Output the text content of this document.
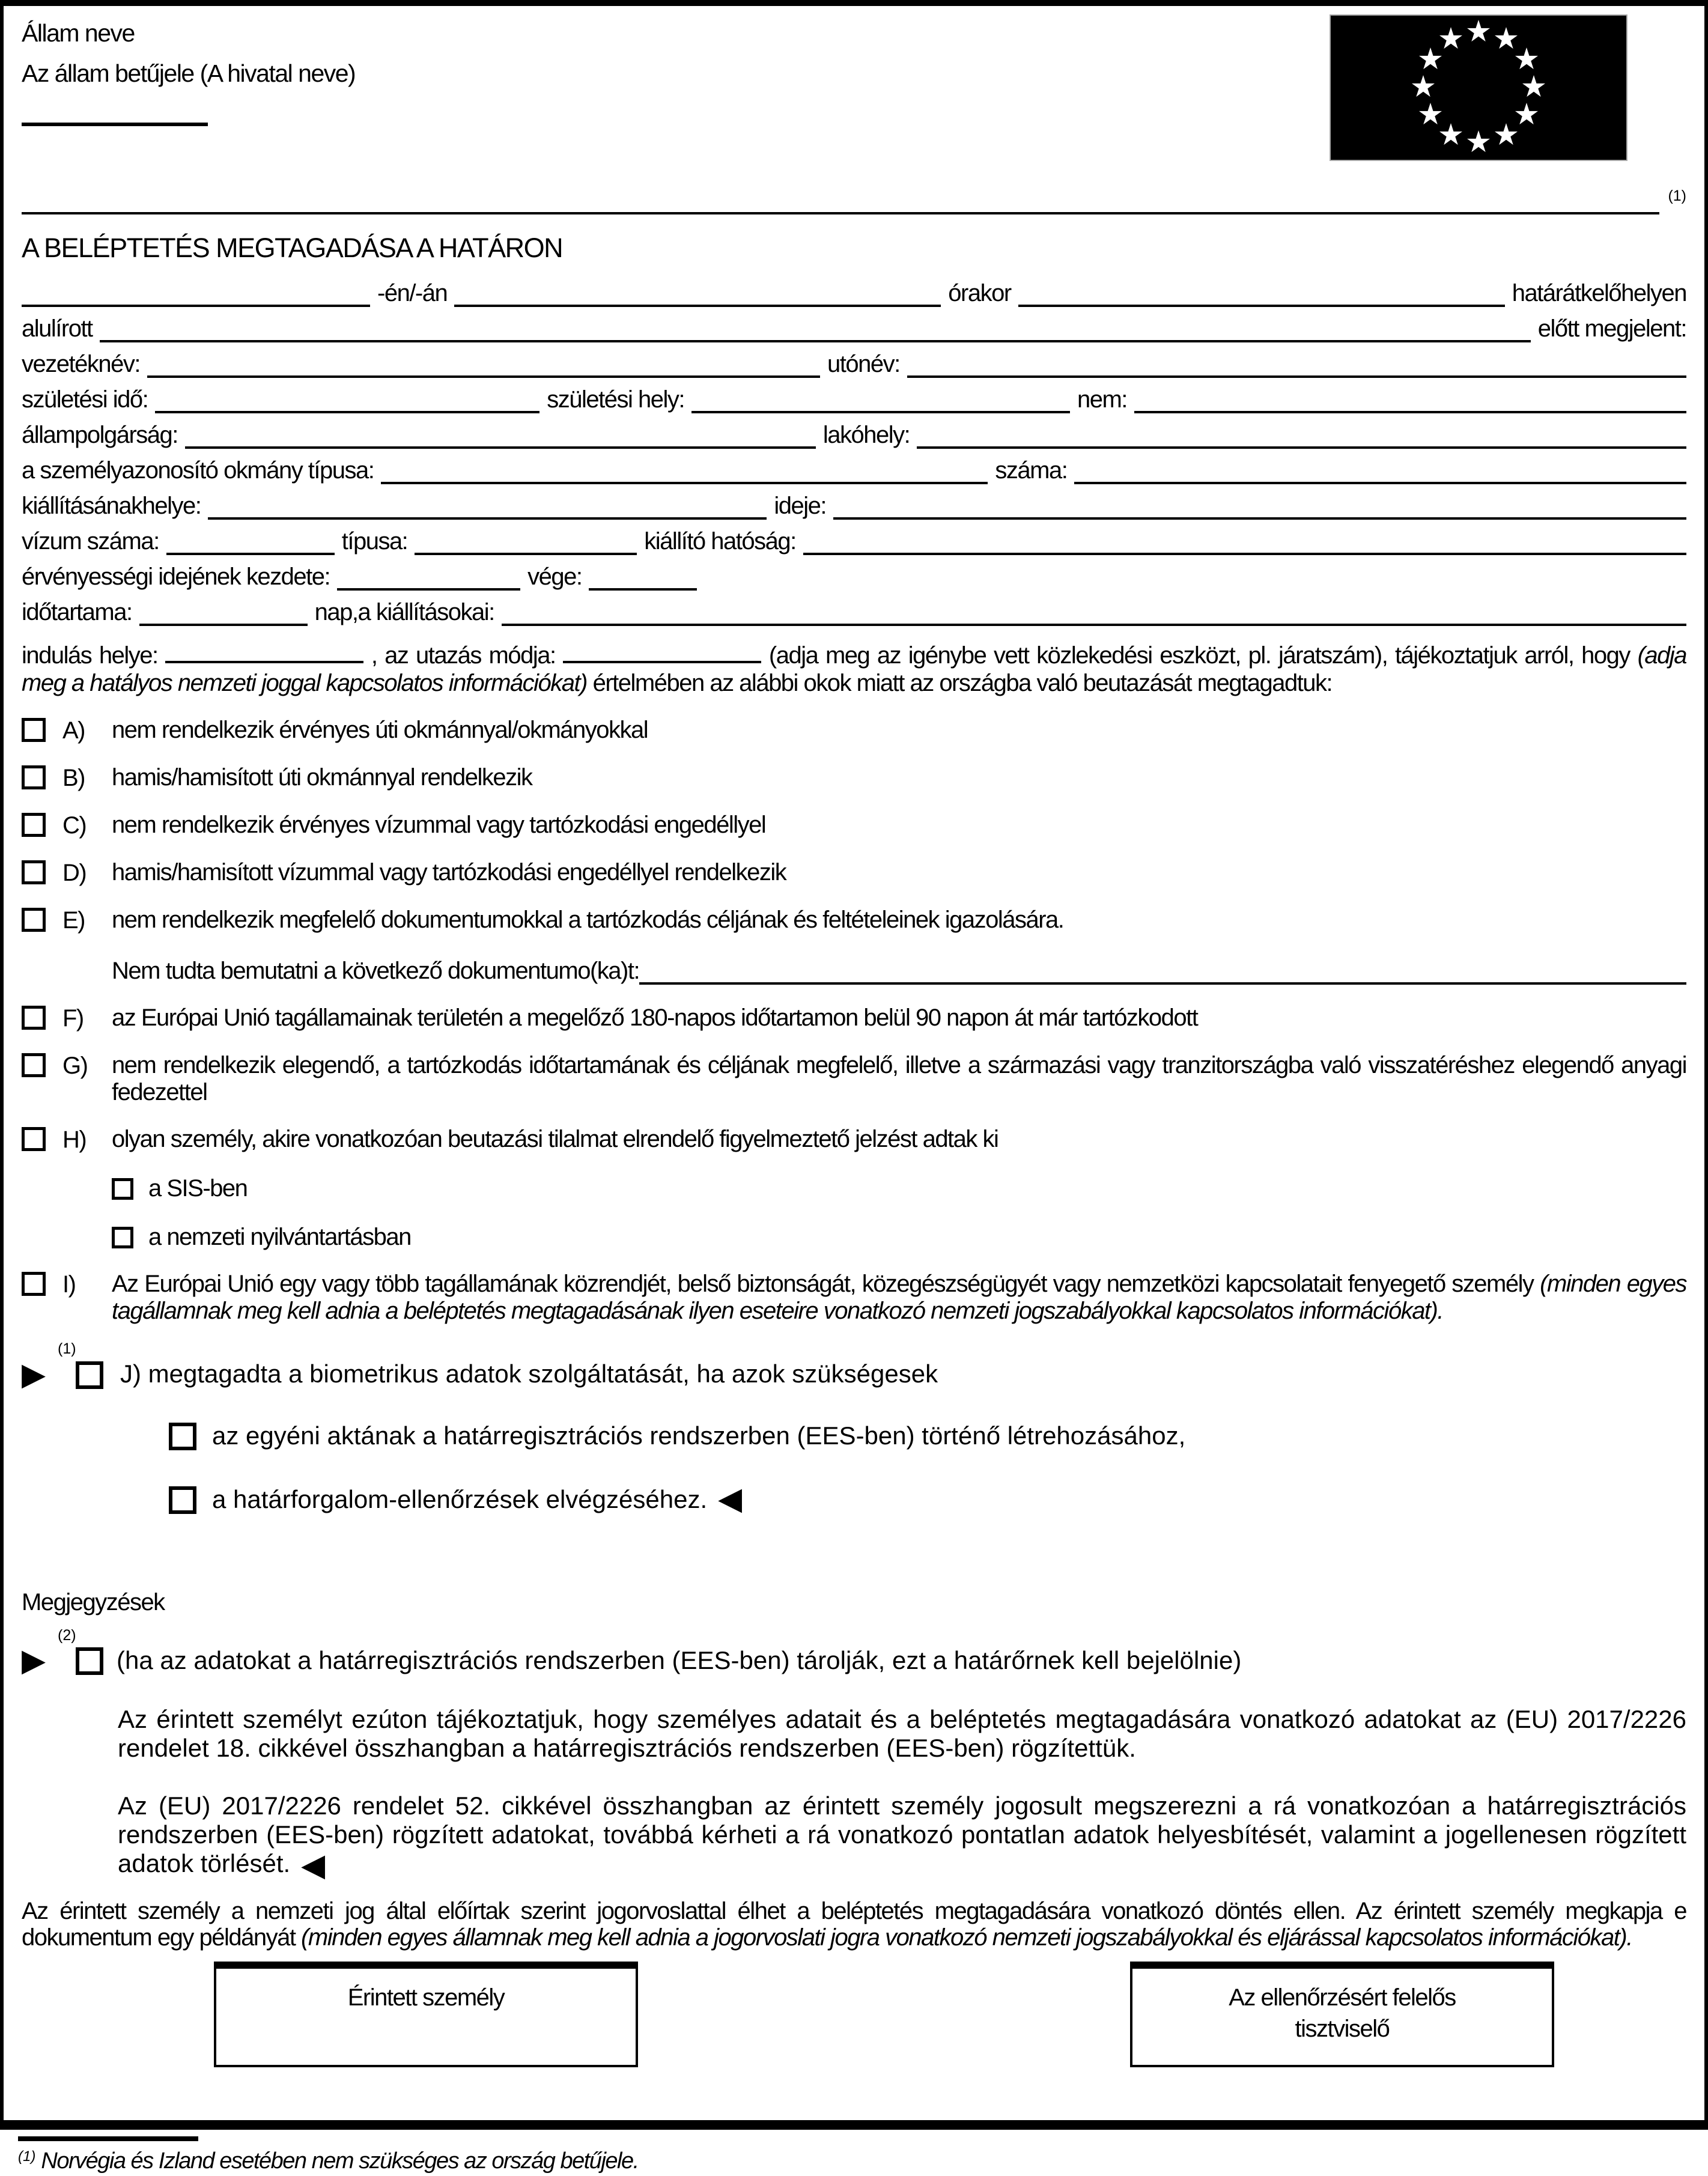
Állam neve
Az állam betűjele (A hivatal neve)
(1)
A BELÉPTETÉS MEGTAGADÁSA A HATÁRON
-én/-án	órakor	határátkelőhelyen
alulírott	előtt megjelent:
vezetéknév:	utónév:
születési idő:	születési hely:	nem:
állampolgárság:	lakóhely:
a személyazonosító okmány típusa:	száma:
kiállításánakhelye:	ideje:
vízum száma:	típusa:	kiállító hatóság:
érvényességi idejének kezdete:	vége:
időtartama:	nap,a kiállításokai:
indulás helye:	, az utazás módja:	(adja meg az igénybe vett közlekedési eszközt, pl. járatszám), tájékoztatjuk arról, hogy (adja meg a hatályos nemzeti joggal kapcsolatos információkat) értelmében az alábbi okok miatt az országba való beutazását megtagadtuk:
A)	nem rendelkezik érvényes úti okmánnyal/okmányokkal
B)	hamis/hamisított úti okmánnyal rendelkezik
C)	nem rendelkezik érvényes vízummal vagy tartózkodási engedéllyel
D)	hamis/hamisított vízummal vagy tartózkodási engedéllyel rendelkezik
E)	nem rendelkezik megfelelő dokumentumokkal a tartózkodás céljának és feltételeinek igazolására.
Nem tudta bemutatni a következő dokumentumo(ka)t:
F)	az Európai Unió tagállamainak területén a megelőző 180-napos időtartamon belül 90 napon át már tartózkodott
G)	nem rendelkezik elegendő, a tartózkodás időtartamának és céljának megfelelő, illetve a származási vagy tranzitországba való visszatéréshez elegendő anyagi fedezettel
H)	olyan személy, akire vonatkozóan beutazási tilalmat elrendelő figyelmeztető jelzést adtak ki
a SIS-ben
a nemzeti nyilvántartásban
I)	Az Európai Unió egy vagy több tagállamának közrendjét, belső biztonságát, közegészségügyét vagy nemzetközi kapcsolatait fenyegető személy (minden egyes tagállamnak meg kell adnia a beléptetés megtagadásának ilyen eseteire vonatkozó nemzeti jogszabályokkal kapcsolatos információkat).
(1)
▶	J) megtagadta a biometrikus adatok szolgáltatását, ha azok szükségesek
az egyéni aktának a határregisztrációs rendszerben (EES-ben) történő létrehozásához,
a határforgalom-ellenőrzések elvégzéséhez. ◀
Megjegyzések
(2)
▶	(ha az adatokat a határregisztrációs rendszerben (EES-ben) tárolják, ezt a határőrnek kell bejelölnie)
Az érintett személyt ezúton tájékoztatjuk, hogy személyes adatait és a beléptetés megtagadására vonatkozó adatokat az (EU) 2017/2226 rendelet 18. cikkével összhangban a határregisztrációs rendszerben (EES-ben) rögzítettük.
Az (EU) 2017/2226 rendelet 52. cikkével összhangban az érintett személy jogosult megszerezni a rá vonatkozóan a határregisztrációs rendszerben (EES-ben) rögzített adatokat, továbbá kérheti a rá vonatkozó pontatlan adatok helyesbítését, valamint a jogellenesen rögzített adatok törlését. ◀
Az érintett személy a nemzeti jog által előírtak szerint jogorvoslattal élhet a beléptetés megtagadására vonatkozó döntés ellen. Az érintett személy megkapja e dokumentum egy példányát (minden egyes államnak meg kell adnia a jogorvoslati jogra vonatkozó nemzeti jogszabályokkal és eljárással kapcsolatos információkat).
Érintett személy	Az ellenőrzésért felelős tisztviselő
$^{(1)}$ Norvégia és Izland esetében nem szükséges az ország betűjele.
